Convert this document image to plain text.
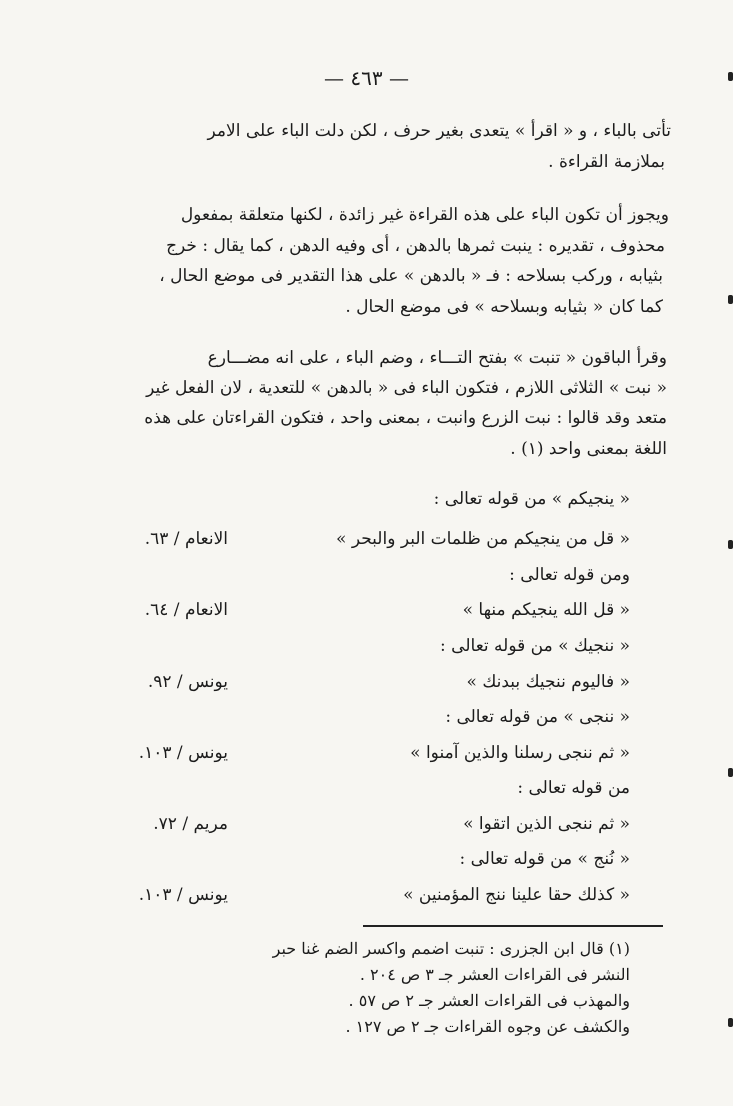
— ٤٦٣ —
تأتى بالباء ، و « اقرأ » يتعدى بغير حرف ، لكن دلت الباء على الامر
بملازمة القراءة .
ويجوز أن تكون الباء على هذه القراءة غير زائدة ، لكنها متعلقة بمفعول
محذوف ، تقديره : ينبت ثمرها بالدهن ، أى وفيه الدهن ، كما يقال : خرج
بثيابه ، وركب بسلاحه : فـ « بالدهن » على هذا التقدير فى موضع الحال ،
كما كان « بثيابه وبسلاحه » فى موضع الحال .
وقرأ الباقون « تنبت » بفتح التـــاء ، وضم الباء ، على انه مضـــارع
« نبت » الثلاثى اللازم ، فتكون الباء فى « بالدهن » للتعدية ، لان الفعل غير
متعد وقد قالوا : نبت الزرع وانبت ، بمعنى واحد ، فتكون القراءتان على هذه
اللغة بمعنى واحد (١) .
« ينجيكم » من قوله تعالى :
« قل من ينجيكم من ظلمات البر والبحر »
الانعام / ٦٣.
ومن قوله تعالى :
« قل الله ينجيكم منها »
الانعام / ٦٤.
« ننجيك » من قوله تعالى :
« فاليوم ننجيك ببدنك »
يونس / ٩٢.
« ننجى » من قوله تعالى :
« ثم ننجى رسلنا والذين آمنوا »
يونس / ١٠٣.
من قوله تعالى :
« ثم ننجى الذين اتقوا »
مريم / ٧٢.
« نُنج » من قوله تعالى :
« كذلك حقا علينا ننج المؤمنين »
يونس / ١٠٣.
(١) قال ابن الجزرى : تنبت اضمم واكسر الضم غنا حبر
النشر فى القراءات العشر جـ ٣ ص ٢٠٤ .
والمهذب فى القراءات العشر جـ ٢ ص ٥٧ .
والكشف عن وجوه القراءات جـ ٢ ص ١٢٧ .
